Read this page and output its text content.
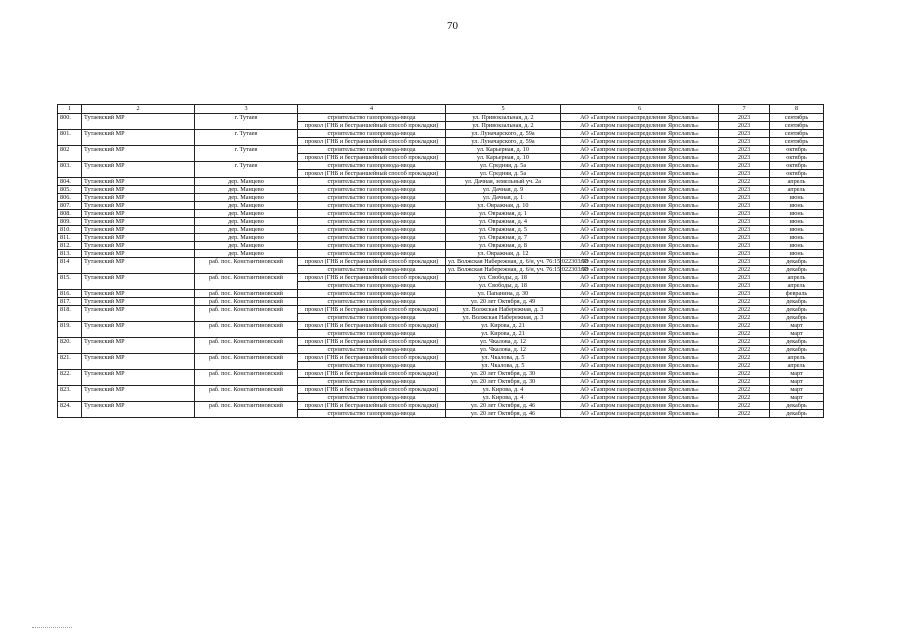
70
1	2	3	4	5	6	7	8
800.	Тутаевский МР	г. Тутаев	строительство газопровода-ввода	ул. Привокзальная, д. 2	АО «Газпром газораспределение Ярославль»	2023	сентябрь
			прокол (ГНБ и бестраншейный способ прокладки)	ул. Привокзальная, д. 2	АО «Газпром газораспределение Ярославль»	2023	сентябрь
801.	Тутаевский МР	г. Тутаев	строительство газопровода-ввода	ул. Луначарского, д. 59а	АО «Газпром газораспределение Ярославль»	2023	сентябрь
			прокол (ГНБ и бестраншейный способ прокладки)	ул. Луначарского, д. 59а	АО «Газпром газораспределение Ярославль»	2023	сентябрь
802	Тутаевский МР	г. Тутаев	строительство газопровода-ввода	ул. Карьерная, д. 10	АО «Газпром газораспределение Ярославль»	2023	октябрь
			прокол (ГНБ и бестраншейный способ прокладки)	ул. Карьерная, д. 10	АО «Газпром газораспределение Ярославль»	2023	октябрь
803.	Тутаевский МР	г. Тутаев	строительство газопровода-ввода	ул. Средняя, д. 5а	АО «Газпром газораспределение Ярославль»	2023	октябрь
			прокол (ГНБ и бестраншейный способ прокладки)	ул. Средняя, д. 5а	АО «Газпром газораспределение Ярославль»	2023	октябрь
804.	Тутаевский МР	дер. Манцево	строительство газопровода-ввода	ул. Дачная, земельный уч. 2а	АО «Газпром газораспределение Ярославль»	2022	апрель
805.	Тутаевский МР	дер. Манцево	строительство газопровода-ввода	ул. Дачная, д. 9	АО «Газпром газораспределение Ярославль»	2023	апрель
806.	Тутаевский МР	дер. Манцево	строительство газопровода-ввода	ул. Дачная, д. 1	АО «Газпром газораспределение Ярославль»	2023	июнь
807.	Тутаевский МР	дер. Манцево	строительство газопровода-ввода	ул. Овражная, д. 10	АО «Газпром газораспределение Ярославль»	2023	июнь
808.	Тутаевский МР	дер. Манцево	строительство газопровода-ввода	ул. Овражная, д. 1	АО «Газпром газораспределение Ярославль»	2023	июнь
809.	Тутаевский МР	дер. Манцево	строительство газопровода-ввода	ул. Овражная, д. 4	АО «Газпром газораспределение Ярославль»	2023	июнь
810.	Тутаевский МР	дер. Манцево	строительство газопровода-ввода	ул. Овражная, д. 5	АО «Газпром газораспределение Ярославль»	2023	июнь
811.	Тутаевский МР	дер. Манцево	строительство газопровода-ввода	ул. Овражная, д. 7	АО «Газпром газораспределение Ярославль»	2023	июнь
812.	Тутаевский МР	дер. Манцево	строительство газопровода-ввода	ул. Овражная, д. 8	АО «Газпром газораспределение Ярославль»	2023	июнь
813.	Тутаевский МР	дер. Манцево	строительство газопровода-ввода	ул. Овражная, д. 12	АО «Газпром газораспределение Ярославль»	2023	июнь
814	Тутаевский МР	раб. пос. Константиновский	прокол (ГНБ и бестраншейный способ прокладки)	ул. Волжская Набережная, д. 6/н, уч. 76:15:022303:58	АО «Газпром газораспределение Ярославль»	2023	декабрь
			строительство газопровода-ввода	ул. Волжская Набережная, д. 6/н, уч. 76:15:022303:58	АО «Газпром газораспределение Ярославль»	2022	декабрь
815.	Тутаевский МР	раб. пос. Константиновский	прокол (ГНБ и бестраншейный способ прокладки)	ул. Свободы, д. 18	АО «Газпром газораспределение Ярославль»	2023	апрель
			строительство газопровода-ввода	ул. Свободы, д. 18	АО «Газпром газораспределение Ярославль»	2023	апрель
816.	Тутаевский МР	раб. пос. Константиновский	строительство газопровода-ввода	ул. Папанина, д. 30	АО «Газпром газораспределение Ярославль»	2023	февраль
817.	Тутаевский МР	раб. пос. Константиновский	строительство газопровода-ввода	ул. 20 лет Октября, д. 49	АО «Газпром газораспределение Ярославль»	2022	декабрь
818.	Тутаевский МР	раб. пос. Константиновский	прокол (ГНБ и бестраншейный способ прокладки)	ул. Волжская Набережная, д. 3	АО «Газпром газораспределение Ярославль»	2022	декабрь
			строительство газопровода-ввода	ул. Волжская Набережная, д. 3	АО «Газпром газораспределение Ярославль»	2022	декабрь
819.	Тутаевский МР	раб. пос. Константиновский	прокол (ГНБ и бестраншейный способ прокладки)	ул. Кирова, д. 21	АО «Газпром газораспределение Ярославль»	2022	март
			строительство газопровода-ввода	ул. Кирова, д. 21	АО «Газпром газораспределение Ярославль»	2022	март
820.	Тутаевский МР	раб. пос. Константиновский	прокол (ГНБ и бестраншейный способ прокладки)	ул. Чкалова, д. 12	АО «Газпром газораспределение Ярославль»	2022	декабрь
			строительство газопровода-ввода	ул. Чкалова, д. 12	АО «Газпром газораспределение Ярославль»	2022	декабрь
821.	Тутаевский МР	раб. пос. Константиновский	прокол (ГНБ и бестраншейный способ прокладки)	ул. Чкалова, д. 5	АО «Газпром газораспределение Ярославль»	2022	апрель
			строительство газопровода-ввода	ул. Чкалова, д. 5	АО «Газпром газораспределение Ярославль»	2022	апрель
822.	Тутаевский МР	раб. пос. Константиновский	прокол (ГНБ и бестраншейный способ прокладки)	ул. 20 лет Октября, д. 30	АО «Газпром газораспределение Ярославль»	2022	март
			строительство газопровода-ввода	ул. 20 лет Октября, д. 30	АО «Газпром газораспределение Ярославль»	2022	март
823.	Тутаевский МР	раб. пос. Константиновский	прокол (ГНБ и бестраншейный способ прокладки)	ул. Кирова, д. 4	АО «Газпром газораспределение Ярославль»	2022	март
			строительство газопровода-ввода	ул. Кирова, д. 4	АО «Газпром газораспределение Ярославль»	2022	март
824.	Тутаевский МР	раб. пос. Константиновский	прокол (ГНБ и бестраншейный способ прокладки)	ул. 20 лет Октября, д. 46	АО «Газпром газораспределение Ярославль»	2022	декабрь
			строительство газопровода-ввода	ул. 20 лет Октября, д. 46	АО «Газпром газораспределение Ярославль»	2022	декабрь
